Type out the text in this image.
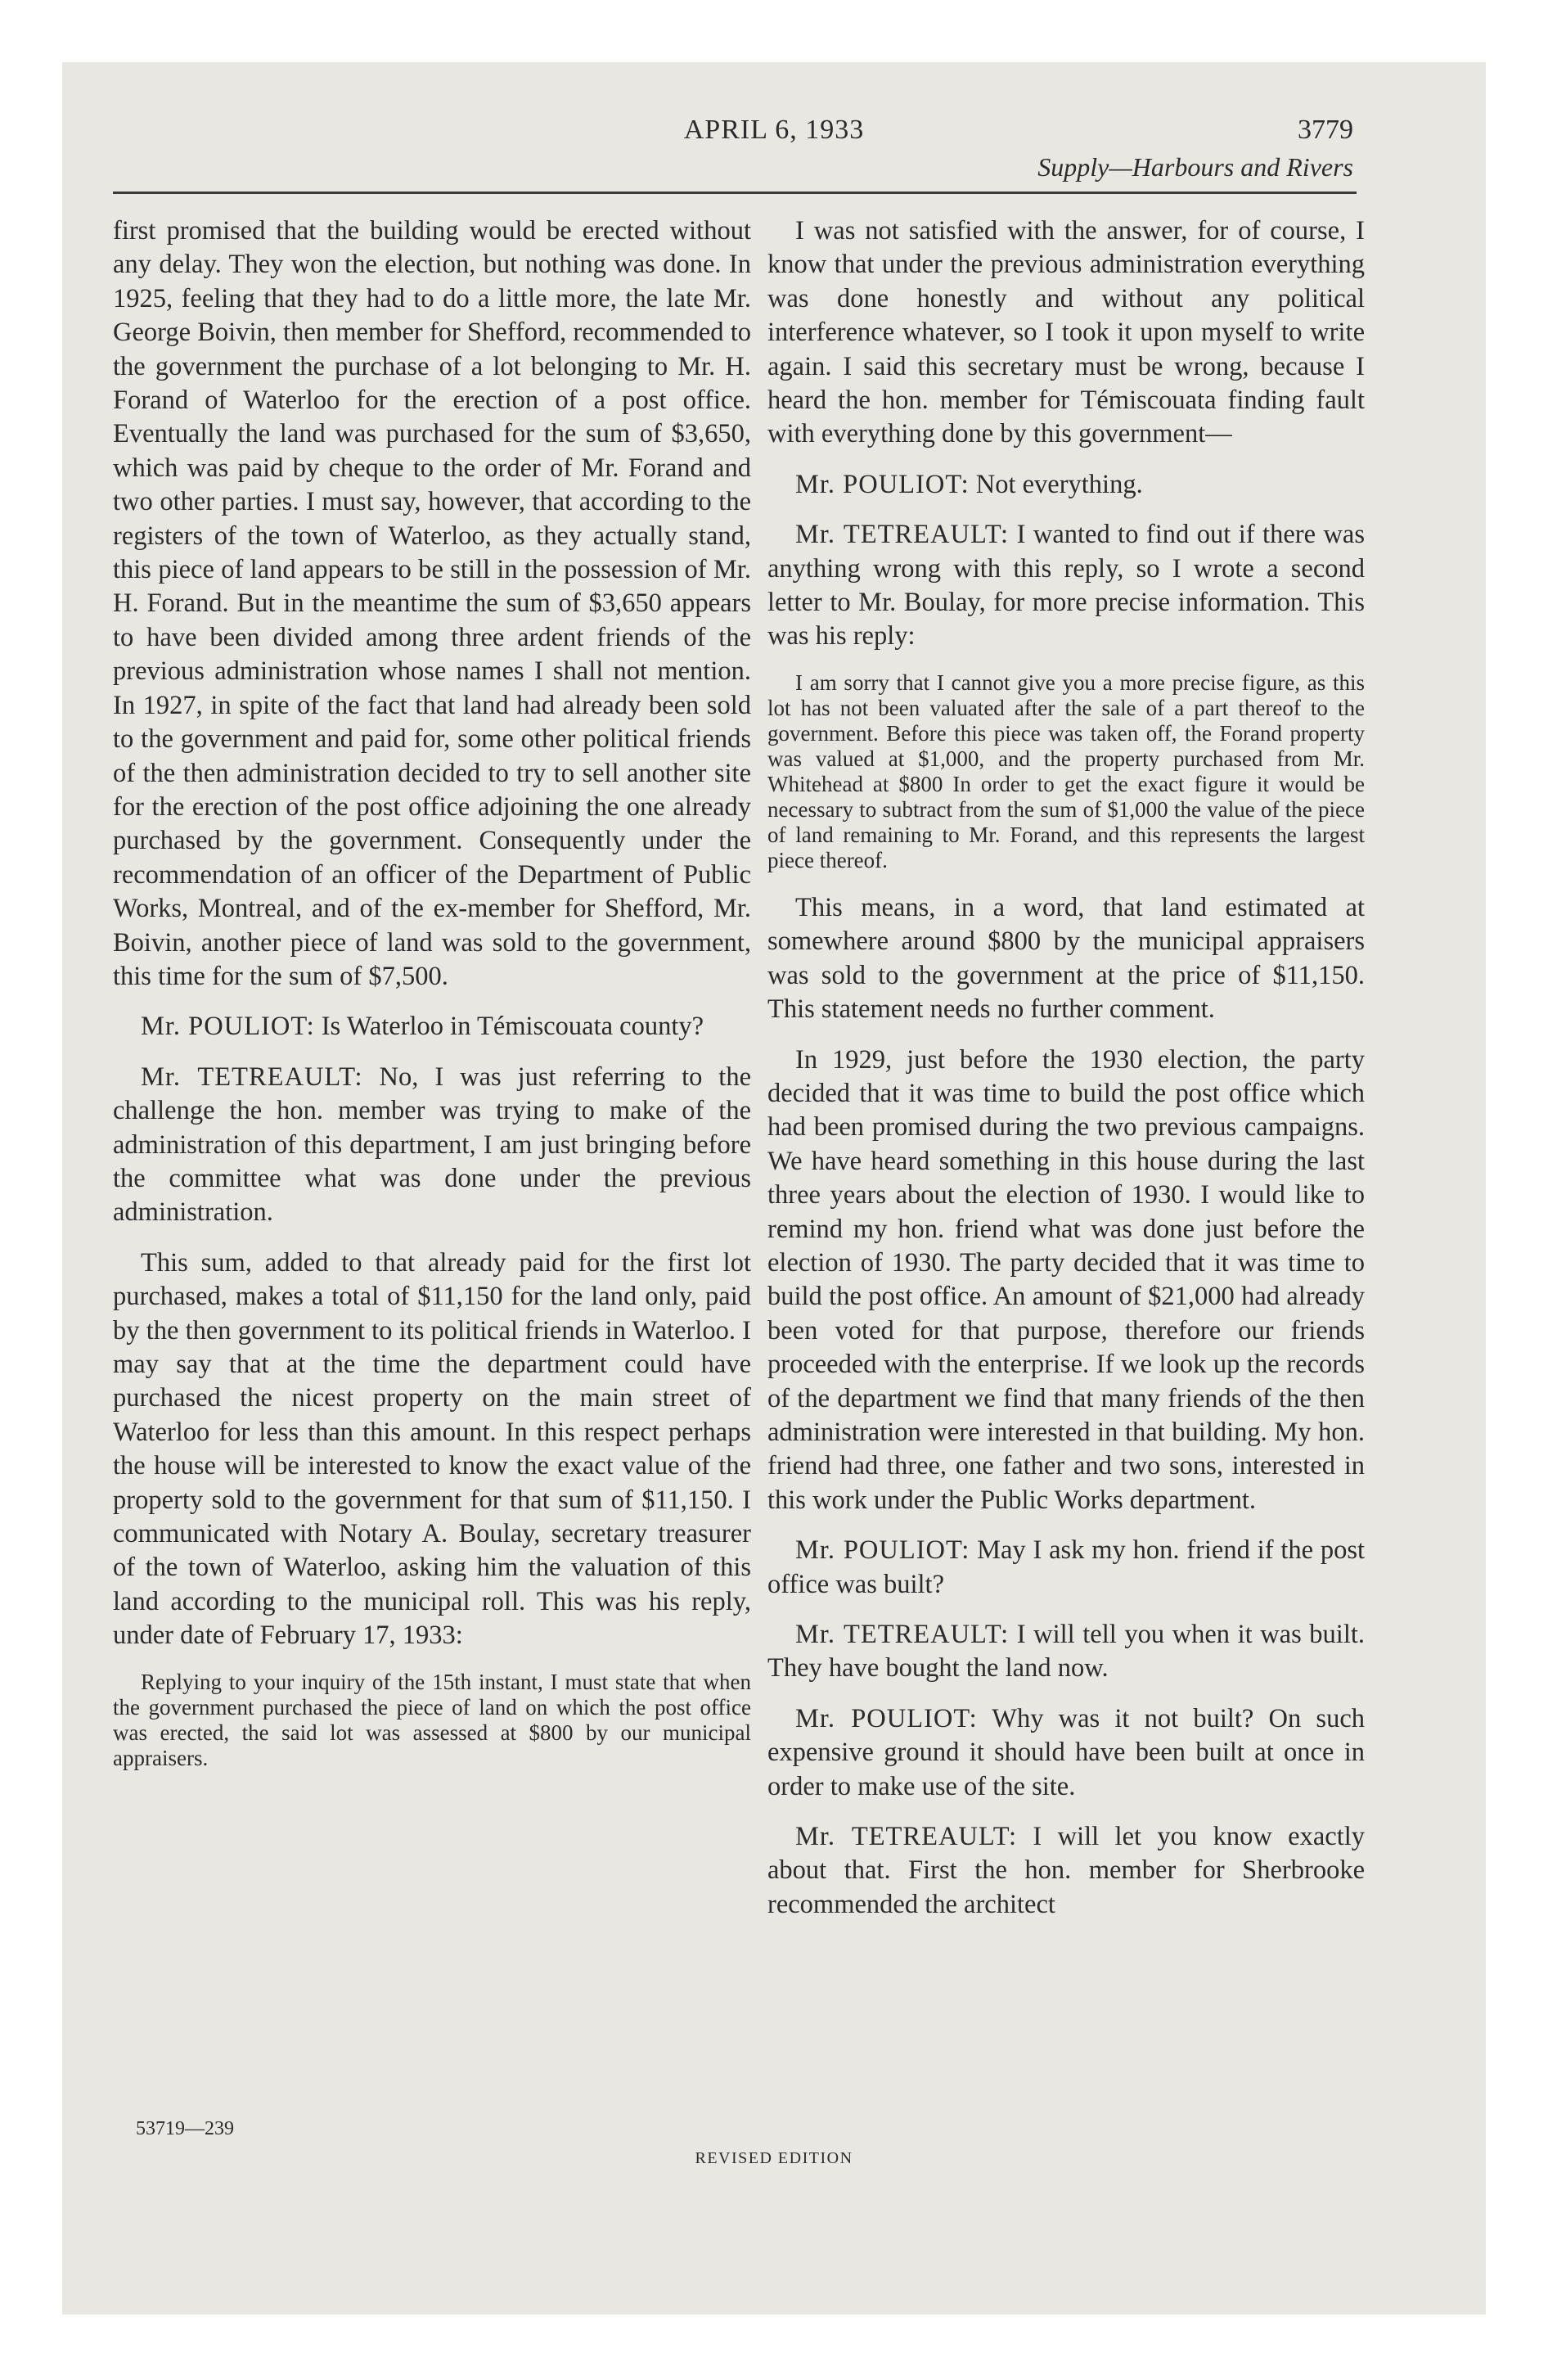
APRIL 6, 1933	3779
Supply—Harbours and Rivers

first promised that the building would be erected without any delay. They won the election, but nothing was done. In 1925, feeling that they had to do a little more, the late Mr. George Boivin, then member for Shefford, recommended to the government the purchase of a lot belonging to Mr. H. Forand of Waterloo for the erection of a post office. Eventually the land was purchased for the sum of $3,650, which was paid by cheque to the order of Mr. Forand and two other parties. I must say, however, that according to the registers of the town of Waterloo, as they actually stand, this piece of land appears to be still in the possession of Mr. H. Forand. But in the meantime the sum of $3,650 appears to have been divided among three ardent friends of the previous administration whose names I shall not mention. In 1927, in spite of the fact that land had already been sold to the government and paid for, some other political friends of the then administration decided to try to sell another site for the erection of the post office adjoining the one already purchased by the government. Consequently under the recommendation of an officer of the Department of Public Works, Montreal, and of the ex-member for Shefford, Mr. Boivin, another piece of land was sold to the government, this time for the sum of $7,500.

Mr. POULIOT: Is Waterloo in Témiscouata county?

Mr. TETREAULT: No, I was just referring to the challenge the hon. member was trying to make of the administration of this department, I am just bringing before the committee what was done under the previous administration.

This sum, added to that already paid for the first lot purchased, makes a total of $11,150 for the land only, paid by the then government to its political friends in Waterloo. I may say that at the time the department could have purchased the nicest property on the main street of Waterloo for less than this amount. In this respect perhaps the house will be interested to know the exact value of the property sold to the government for that sum of $11,150. I communicated with Notary A. Boulay, secretary treasurer of the town of Waterloo, asking him the valuation of this land according to the municipal roll. This was his reply, under date of February 17, 1933:

Replying to your inquiry of the 15th instant, I must state that when the government purchased the piece of land on which the post office was erected, the said lot was assessed at $800 by our municipal appraisers.

I was not satisfied with the answer, for of course, I know that under the previous administration everything was done honestly and without any political interference whatever, so I took it upon myself to write again. I said this secretary must be wrong, because I heard the hon. member for Témiscouata finding fault with everything done by this government—

Mr. POULIOT: Not everything.

Mr. TETREAULT: I wanted to find out if there was anything wrong with this reply, so I wrote a second letter to Mr. Boulay, for more precise information. This was his reply:

I am sorry that I cannot give you a more precise figure, as this lot has not been valuated after the sale of a part thereof to the government. Before this piece was taken off, the Forand property was valued at $1,000, and the property purchased from Mr. Whitehead at $800 In order to get the exact figure it would be necessary to subtract from the sum of $1,000 the value of the piece of land remaining to Mr. Forand, and this represents the largest piece thereof.

This means, in a word, that land estimated at somewhere around $800 by the municipal appraisers was sold to the government at the price of $11,150. This statement needs no further comment.

In 1929, just before the 1930 election, the party decided that it was time to build the post office which had been promised during the two previous campaigns. We have heard something in this house during the last three years about the election of 1930. I would like to remind my hon. friend what was done just before the election of 1930. The party decided that it was time to build the post office. An amount of $21,000 had already been voted for that purpose, therefore our friends proceeded with the enterprise. If we look up the records of the department we find that many friends of the then administration were interested in that building. My hon. friend had three, one father and two sons, interested in this work under the Public Works department.

Mr. POULIOT: May I ask my hon. friend if the post office was built?

Mr. TETREAULT: I will tell you when it was built. They have bought the land now.

Mr. POULIOT: Why was it not built? On such expensive ground it should have been built at once in order to make use of the site.

Mr. TETREAULT: I will let you know exactly about that. First the hon. member for Sherbrooke recommended the architect

53719—239
REVISED EDITION
